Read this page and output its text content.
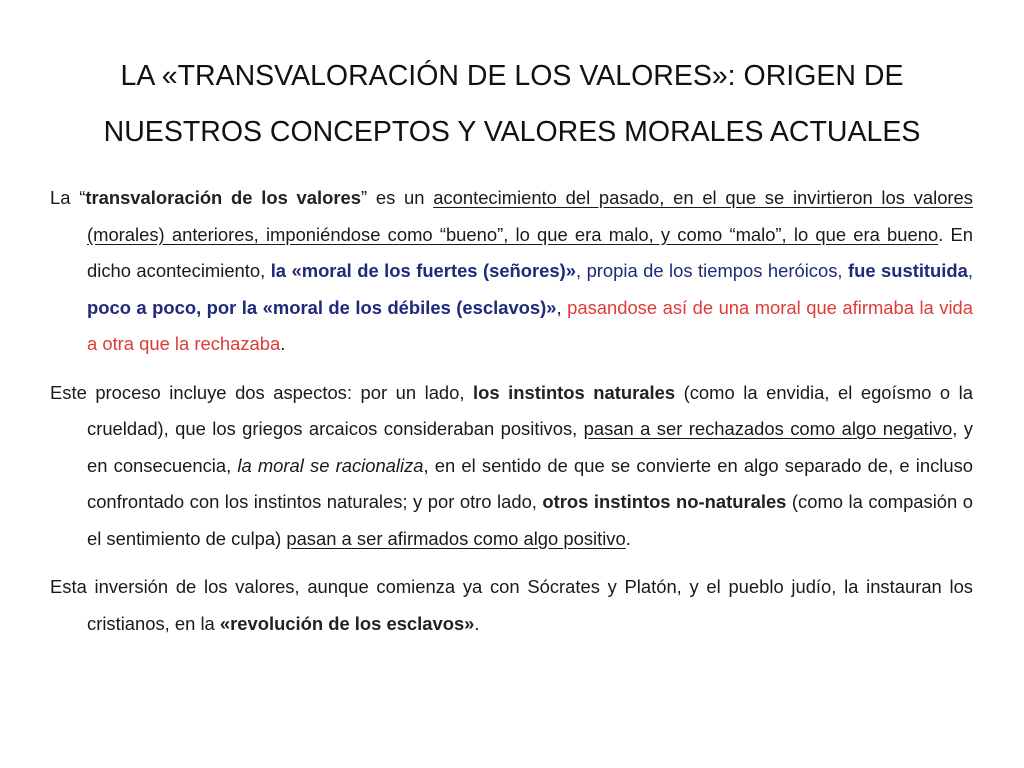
LA «TRANSVALORACIÓN DE LOS VALORES»: ORIGEN DE
NUESTROS CONCEPTOS Y VALORES MORALES ACTUALES

La “transvaloración de los valores” es un acontecimiento del pasado, en el que se invirtieron los valores (morales) anteriores, imponiéndose como “bueno”, lo que era malo, y como “malo”, lo que era bueno. En dicho acontecimiento, la «moral de los fuertes (señores)», propia de los tiempos heróicos, fue sustituida, poco a poco, por la «moral de los débiles (esclavos)», pasandose así de una moral que afirmaba la vida a otra que la rechazaba.

Este proceso incluye dos aspectos: por un lado, los instintos naturales (como la envidia, el egoísmo o la crueldad), que los griegos arcaicos consideraban positivos, pasan a ser rechazados como algo negativo, y en consecuencia, la moral se racionaliza, en el sentido de que se convierte en algo separado de, e incluso confrontado con los instintos naturales; y por otro lado, otros instintos no-naturales (como la compasión o el sentimiento de culpa) pasan a ser afirmados como algo positivo.

Esta inversión de los valores, aunque comienza ya con Sócrates y Platón, y el pueblo judío, la instauran los cristianos, en la «revolución de los esclavos».
